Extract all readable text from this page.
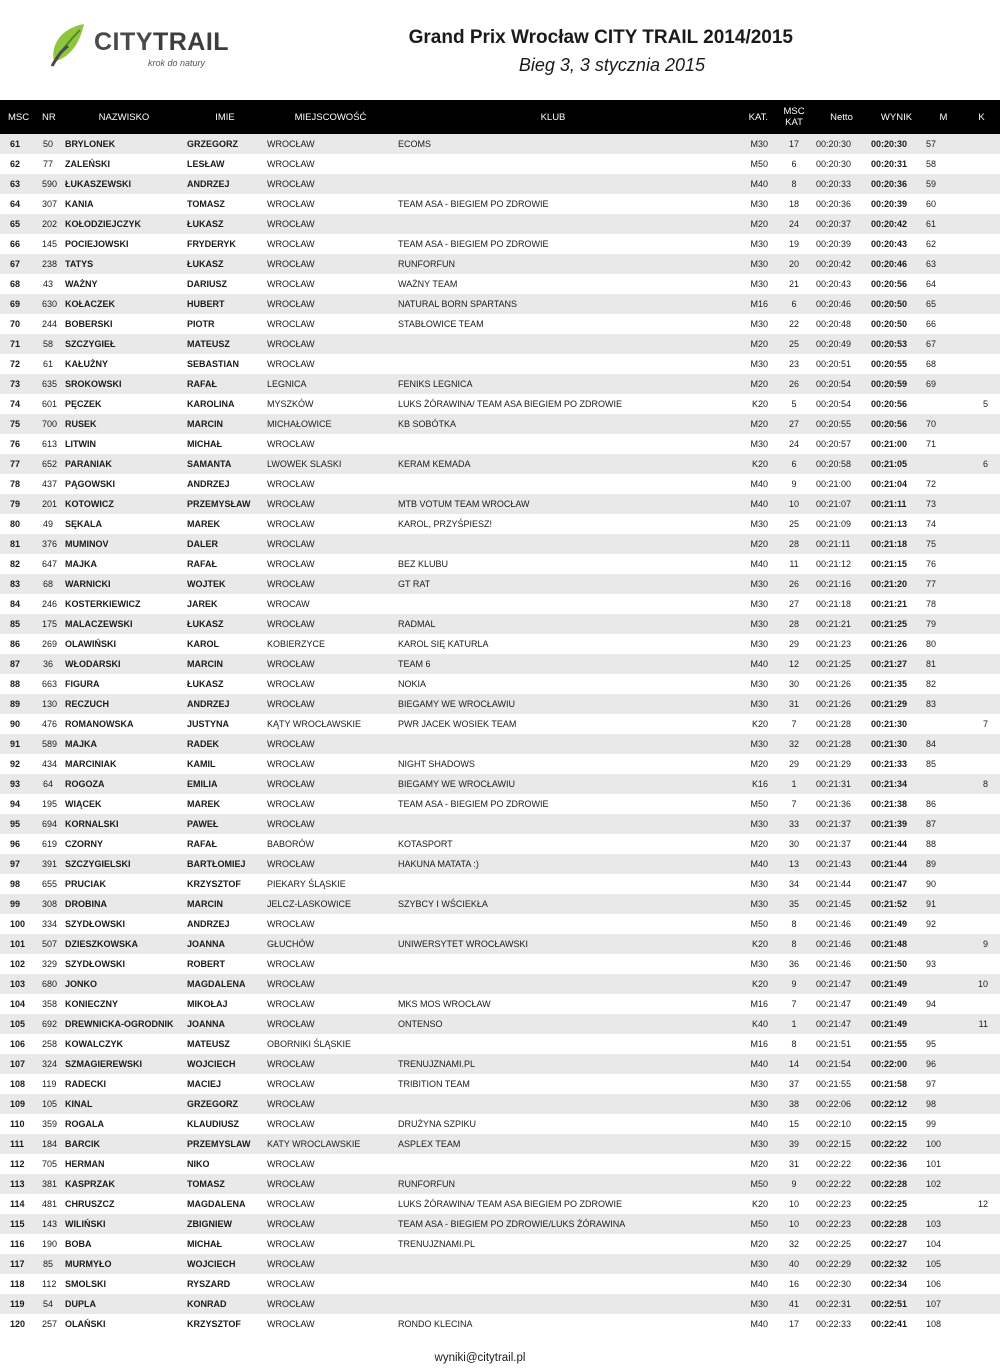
CITYTRAIL
krok do natury
Grand Prix Wrocław CITY TRAIL 2014/2015
Bieg 3, 3 stycznia 2015
MSC	NR	NAZWISKO	IMIE	MIEJSCOWOŚĆ	KLUB	KAT.	MSC
KAT	Netto	WYNIK	M	K
61	50	BRYLONEK	GRZEGORZ	WROCŁAW	ECOMS	M30	17	00:20:30	00:20:30	57	
62	77	ZALEŃSKI	LESŁAW	WROCŁAW		M50	6	00:20:30	00:20:31	58	
63	590	ŁUKASZEWSKI	ANDRZEJ	WROCŁAW		M40	8	00:20:33	00:20:36	59	
64	307	KANIA	TOMASZ	WROCŁAW	TEAM ASA - BIEGIEM PO ZDROWIE	M30	18	00:20:36	00:20:39	60	
65	202	KOŁODZIEJCZYK	ŁUKASZ	WROCŁAW		M20	24	00:20:37	00:20:42	61	
66	145	POCIEJOWSKI	FRYDERYK	WROCŁAW	TEAM ASA - BIEGIEM PO ZDROWIE	M30	19	00:20:39	00:20:43	62	
67	238	TATYS	ŁUKASZ	WROCŁAW	RUNFORFUN	M30	20	00:20:42	00:20:46	63	
68	43	WAŻNY	DARIUSZ	WROCŁAW	WAŻNY TEAM	M30	21	00:20:43	00:20:56	64	
69	630	KOŁACZEK	HUBERT	WROCŁAW	NATURAL BORN SPARTANS	M16	6	00:20:46	00:20:50	65	
70	244	BOBERSKI	PIOTR	WROCLAW	STABŁOWICE TEAM	M30	22	00:20:48	00:20:50	66	
71	58	SZCZYGIEŁ	MATEUSZ	WROCŁAW		M20	25	00:20:49	00:20:53	67	
72	61	KAŁUŻNY	SEBASTIAN	WROCŁAW		M30	23	00:20:51	00:20:55	68	
73	635	SROKOWSKI	RAFAŁ	LEGNICA	FENIKS LEGNICA	M20	26	00:20:54	00:20:59	69	
74	601	PĘCZEK	KAROLINA	MYSZKÓW	LUKS ŻÓRAWINA/ TEAM ASA BIEGIEM PO ZDROWIE	K20	5	00:20:54	00:20:56		5
75	700	RUSEK	MARCIN	MICHAŁOWICE	KB SOBÓTKA	M20	27	00:20:55	00:20:56	70	
76	613	LITWIN	MICHAŁ	WROCŁAW		M30	24	00:20:57	00:21:00	71	
77	652	PARANIAK	SAMANTA	LWOWEK SLASKI	KERAM KEMADA	K20	6	00:20:58	00:21:05		6
78	437	PĄGOWSKI	ANDRZEJ	WROCŁAW		M40	9	00:21:00	00:21:04	72	
79	201	KOTOWICZ	PRZEMYSŁAW	WROCŁAW	MTB VOTUM TEAM WROCŁAW	M40	10	00:21:07	00:21:11	73	
80	49	SĘKALA	MAREK	WROCŁAW	KAROL, PRZYŚPIESZ!	M30	25	00:21:09	00:21:13	74	
81	376	MUMINOV	DALER	WROCLAW		M20	28	00:21:11	00:21:18	75	
82	647	MAJKA	RAFAŁ	WROCŁAW	BEZ KLUBU	M40	11	00:21:12	00:21:15	76	
83	68	WARNICKI	WOJTEK	WROCŁAW	GT RAT	M30	26	00:21:16	00:21:20	77	
84	246	KOSTERKIEWICZ	JAREK	WROCAW		M30	27	00:21:18	00:21:21	78	
85	175	MALACZEWSKI	ŁUKASZ	WROCŁAW	RADMAL	M30	28	00:21:21	00:21:25	79	
86	269	OLAWIŃSKI	KAROL	KOBIERZYCE	KAROL SIĘ KATURLA	M30	29	00:21:23	00:21:26	80	
87	36	WŁODARSKI	MARCIN	WROCŁAW	TEAM 6	M40	12	00:21:25	00:21:27	81	
88	663	FIGURA	ŁUKASZ	WROCŁAW	NOKIA	M30	30	00:21:26	00:21:35	82	
89	130	RECZUCH	ANDRZEJ	WROCŁAW	BIEGAMY WE WROCŁAWIU	M30	31	00:21:26	00:21:29	83	
90	476	ROMANOWSKA	JUSTYNA	KĄTY WROCŁAWSKIE	PWR JACEK WOSIEK TEAM	K20	7	00:21:28	00:21:30		7
91	589	MAJKA	RADEK	WROCŁAW		M30	32	00:21:28	00:21:30	84	
92	434	MARCINIAK	KAMIL	WROCŁAW	NIGHT SHADOWS	M20	29	00:21:29	00:21:33	85	
93	64	ROGOZA	EMILIA	WROCŁAW	BIEGAMY WE WROCŁAWIU	K16	1	00:21:31	00:21:34		8
94	195	WIĄCEK	MAREK	WROCŁAW	TEAM ASA - BIEGIEM PO ZDROWIE	M50	7	00:21:36	00:21:38	86	
95	694	KORNALSKI	PAWEŁ	WROCŁAW		M30	33	00:21:37	00:21:39	87	
96	619	CZORNY	RAFAŁ	BABORÓW	KOTASPORT	M20	30	00:21:37	00:21:44	88	
97	391	SZCZYGIELSKI	BARTŁOMIEJ	WROCŁAW	HAKUNA MATATA :)	M40	13	00:21:43	00:21:44	89	
98	655	PRUCIAK	KRZYSZTOF	PIEKARY ŚLĄSKIE		M30	34	00:21:44	00:21:47	90	
99	308	DROBINA	MARCIN	JELCZ-LASKOWICE	SZYBCY I WŚCIEKŁA	M30	35	00:21:45	00:21:52	91	
100	334	SZYDŁOWSKI	ANDRZEJ	WROCŁAW		M50	8	00:21:46	00:21:49	92	
101	507	DZIESZKOWSKA	JOANNA	GŁUCHÓW	UNIWERSYTET WROCŁAWSKI	K20	8	00:21:46	00:21:48		9
102	329	SZYDŁOWSKI	ROBERT	WROCŁAW		M30	36	00:21:46	00:21:50	93	
103	680	JONKO	MAGDALENA	WROCŁAW		K20	9	00:21:47	00:21:49		10
104	358	KONIECZNY	MIKOŁAJ	WROCŁAW	MKS MOS WROCŁAW	M16	7	00:21:47	00:21:49	94	
105	692	DREWNICKA-OGRODNIK	JOANNA	WROCŁAW	ONTENSO	K40	1	00:21:47	00:21:49		11
106	258	KOWALCZYK	MATEUSZ	OBORNIKI ŚLĄSKIE		M16	8	00:21:51	00:21:55	95	
107	324	SZMAGIEREWSKI	WOJCIECH	WROCŁAW	TRENUJZNAMI.PL	M40	14	00:21:54	00:22:00	96	
108	119	RADECKI	MACIEJ	WROCŁAW	TRIBITION TEAM	M30	37	00:21:55	00:21:58	97	
109	105	KINAL	GRZEGORZ	WROCŁAW		M30	38	00:22:06	00:22:12	98	
110	359	ROGALA	KLAUDIUSZ	WROCŁAW	DRUŻYNA SZPIKU	M40	15	00:22:10	00:22:15	99	
111	184	BARCIK	PRZEMYSLAW	KATY WROCLAWSKIE	ASPLEX TEAM	M30	39	00:22:15	00:22:22	100	
112	705	HERMAN	NIKO	WROCŁAW		M20	31	00:22:22	00:22:36	101	
113	381	KASPRZAK	TOMASZ	WROCŁAW	RUNFORFUN	M50	9	00:22:22	00:22:28	102	
114	481	CHRUSZCZ	MAGDALENA	WROCŁAW	LUKS ŻÓRAWINA/ TEAM ASA BIEGIEM PO ZDROWIE	K20	10	00:22:23	00:22:25		12
115	143	WILIŃSKI	ZBIGNIEW	WROCŁAW	TEAM ASA - BIEGIEM PO ZDROWIE/LUKS ŻÓRAWINA	M50	10	00:22:23	00:22:28	103	
116	190	BOBA	MICHAŁ	WROCŁAW	TRENUJZNAMI.PL	M20	32	00:22:25	00:22:27	104	
117	85	MURMYŁO	WOJCIECH	WROCŁAW		M30	40	00:22:29	00:22:32	105	
118	112	SMOLSKI	RYSZARD	WROCŁAW		M40	16	00:22:30	00:22:34	106	
119	54	DUPLA	KONRAD	WROCŁAW		M30	41	00:22:31	00:22:51	107	
120	257	OLAŃSKI	KRZYSZTOF	WROCŁAW	RONDO KLECINA	M40	17	00:22:33	00:22:41	108	
wyniki@citytrail.pl
